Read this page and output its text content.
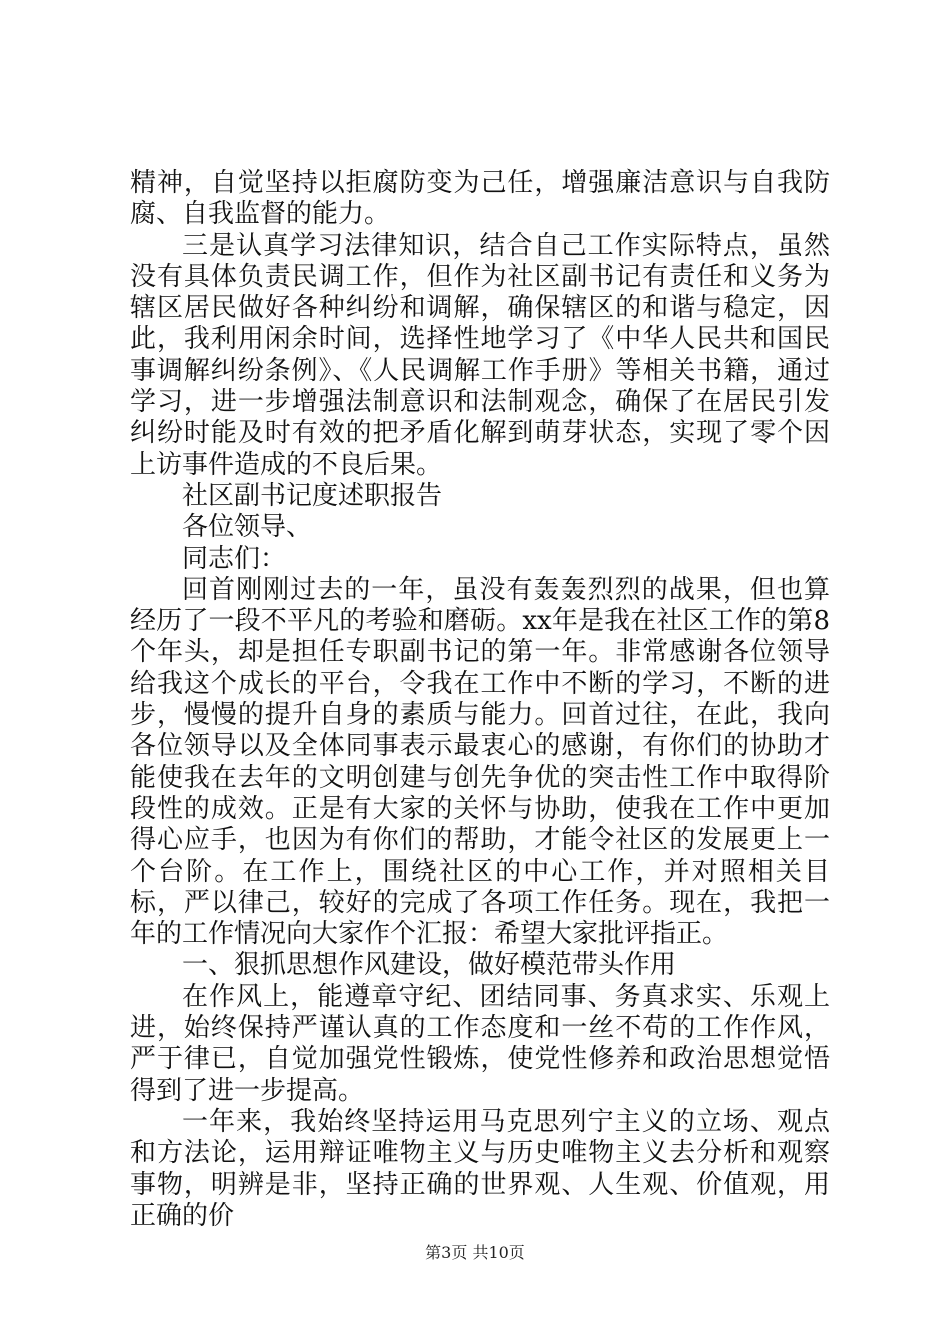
精神，自觉坚持以拒腐防变为己任，增强廉洁意识与自我防腐、自我监督的能力。

三是认真学习法律知识，结合自己工作实际特点，虽然没有具体负责民调工作，但作为社区副书记有责任和义务为辖区居民做好各种纠纷和调解，确保辖区的和谐与稳定，因此，我利用闲余时间，选择性地学习了《中华人民共和国民事调解纠纷条例》、《人民调解工作手册》等相关书籍，通过学习，进一步增强法制意识和法制观念，确保了在居民引发纠纷时能及时有效的把矛盾化解到萌芽状态，实现了零个因上访事件造成的不良后果。

社区副书记度述职报告

各位领导、

同志们：

回首刚刚过去的一年，虽没有轰轰烈烈的战果，但也算经历了一段不平凡的考验和磨砺。xx年是我在社区工作的第8个年头，却是担任专职副书记的第一年。非常感谢各位领导给我这个成长的平台，令我在工作中不断的学习，不断的进步，慢慢的提升自身的素质与能力。回首过往，在此，我向各位领导以及全体同事表示最衷心的感谢，有你们的协助才能使我在去年的文明创建与创先争优的突击性工作中取得阶段性的成效。正是有大家的关怀与协助，使我在工作中更加得心应手，也因为有你们的帮助，才能令社区的发展更上一个台阶。在工作上，围绕社区的中心工作，并对照相关目标，严以律己，较好的完成了各项工作任务。现在，我把一年的工作情况向大家作个汇报：希望大家批评指正。

一、狠抓思想作风建设，做好模范带头作用

在作风上，能遵章守纪、团结同事、务真求实、乐观上进，始终保持严谨认真的工作态度和一丝不苟的工作作风，严于律已，自觉加强党性锻炼，使党性修养和政治思想觉悟得到了进一步提高。

一年来，我始终坚持运用马克思列宁主义的立场、观点和方法论，运用辩证唯物主义与历史唯物主义去分析和观察事物，明辨是非，坚持正确的世界观、人生观、价值观，用正确的价

第3页 共10页
